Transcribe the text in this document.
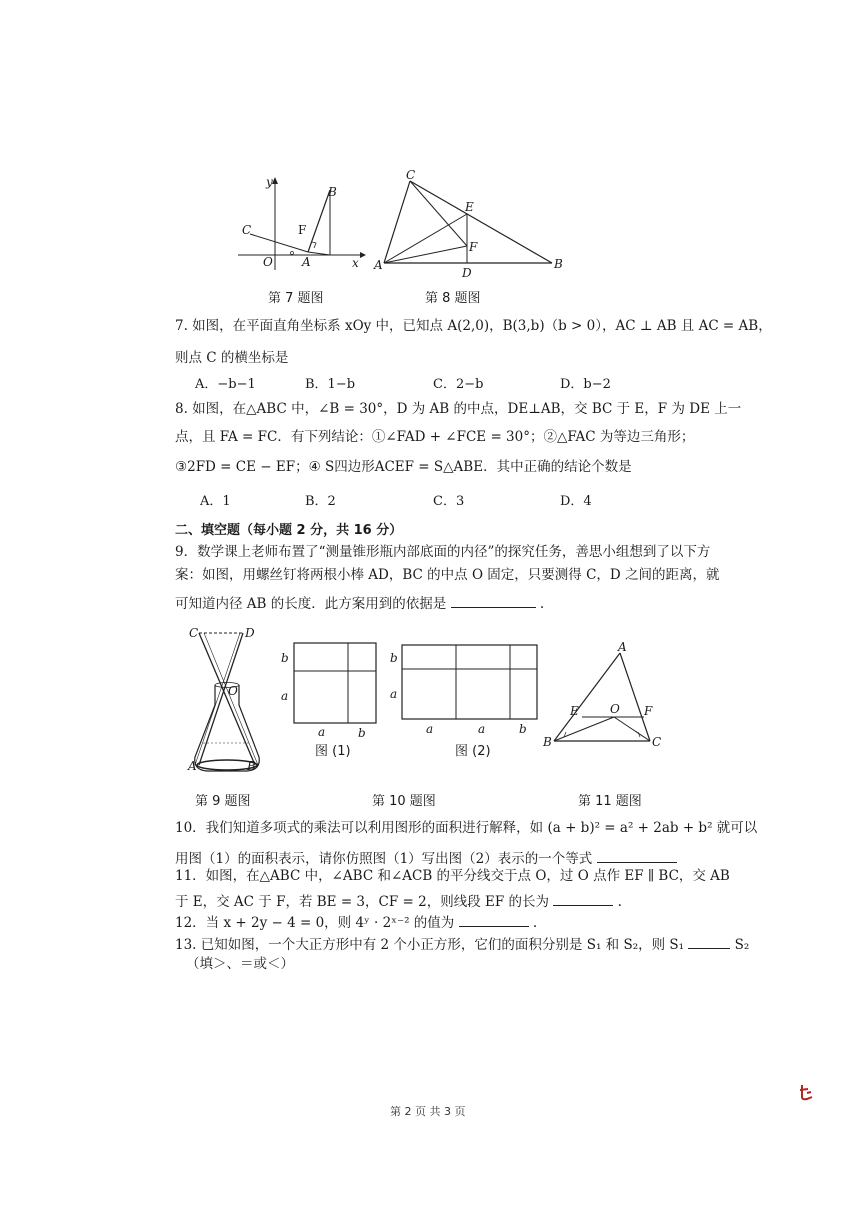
y
x
O A
B
C	F
第 7 题图
C
E
F
A
D
B
第 8 题图
7. 如图，在平面直角坐标系 xOy 中，已知点 A(2,0)，B(3,b)（b > 0），AC ⊥ AB 且 AC = AB，
则点 C 的横坐标是
A．−b−1	B．1−b	C．2−b	D．b−2
8. 如图，在△ABC 中，∠B = 30°，D 为 AB 的中点，DE⊥AB，交 BC 于 E，F 为 DE 上一
点，且 FA = FC．有下列结论：①∠FAD + ∠FCE = 30°；②△FAC 为等边三角形；
③2FD = CE − EF；④ S四边形ACEF = S△ABE．其中正确的结论个数是
A．1	B．2	C．3	D．4
二、填空题（每小题 2 分，共 16 分）
9．数学课上老师布置了“测量锥形瓶内部底面的内径”的探究任务，善思小组想到了以下方
案：如图，用螺丝钉将两根小棒 AD，BC 的中点 O 固定，只要测得 C，D 之间的距离，就
可知道内径 AB 的长度．此方案用到的依据是	.
C	D
O
A	B
第 9 题图
b
a
a	b
图 (1)
b
a
a	a	b
图 (2)
第 10 题图
A
E	O F
B	C
第 11 题图
10．我们知道多项式的乘法可以利用图形的面积进行解释，如 (a + b)² = a² + 2ab + b² 就可以
用图（1）的面积表示，请你仿照图（1）写出图（2）表示的一个等式
11．如图，在△ABC 中，∠ABC 和∠ACB 的平分线交于点 O，过 O 点作 EF ∥ BC，交 AB
于 E，交 AC 于 F，若 BE = 3，CF = 2，则线段 EF 的长为	.
12．当 x + 2y − 4 = 0，则 4ʸ · 2ˣ⁻² 的值为	.
13. 已知如图，一个大正方形中有 2 个小正方形，它们的面积分别是 S₁ 和 S₂，则 S₁	S₂
（填＞、＝或＜）
第 2 页 共 3 页
